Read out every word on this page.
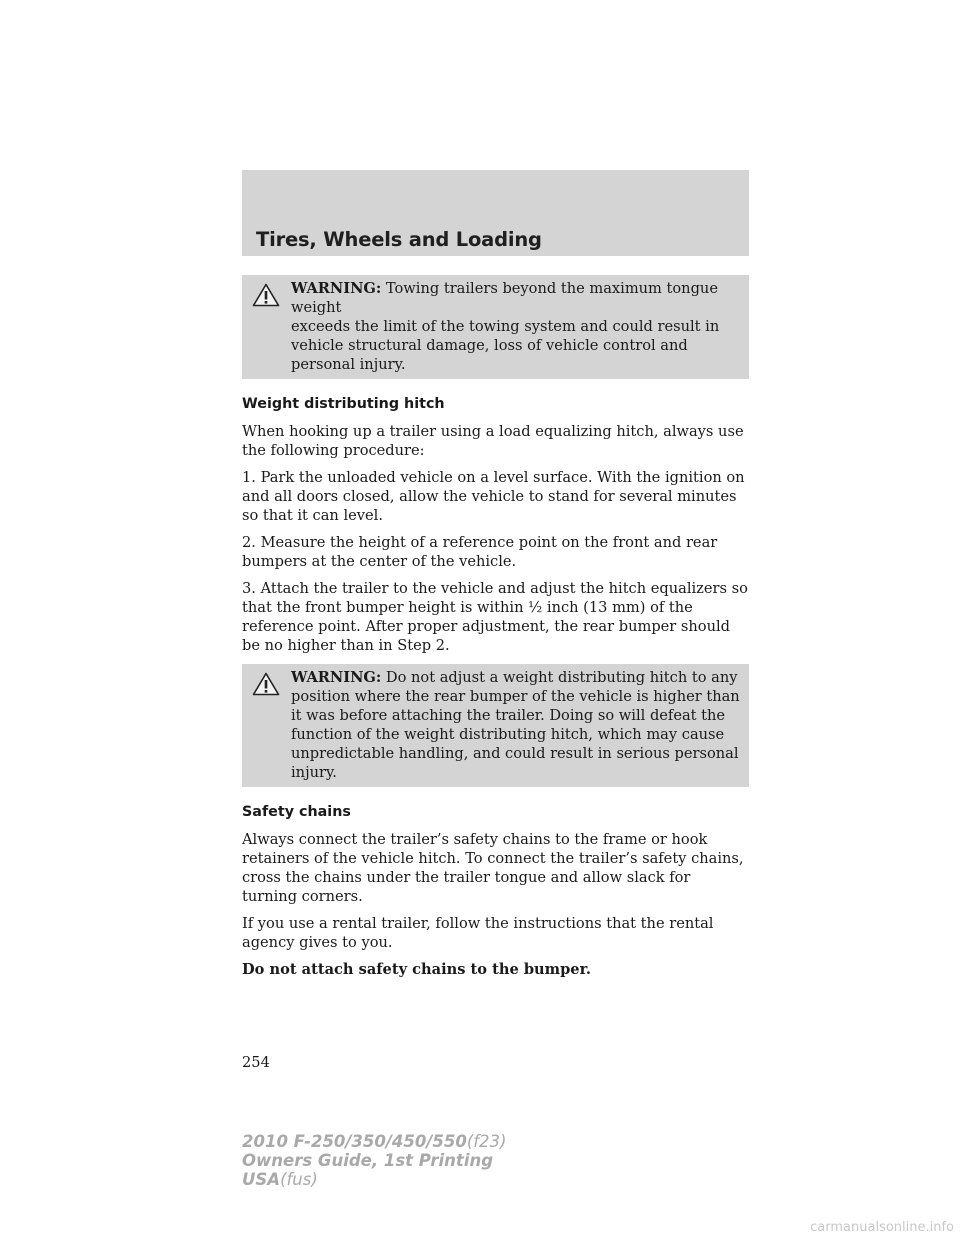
Tires, Wheels and Loading
WARNING: Towing trailers beyond the maximum tongue weight
exceeds the limit of the towing system and could result in vehicle structural damage, loss of vehicle control and personal injury.
Weight distributing hitch

When hooking up a trailer using a load equalizing hitch, always use the following procedure:

1. Park the unloaded vehicle on a level surface. With the ignition on and all doors closed, allow the vehicle to stand for several minutes so that it can level.

2. Measure the height of a reference point on the front and rear bumpers at the center of the vehicle.

3. Attach the trailer to the vehicle and adjust the hitch equalizers so that the front bumper height is within ½ inch (13 mm) of the reference point. After proper adjustment, the rear bumper should be no higher than in Step 2.

WARNING: Do not adjust a weight distributing hitch to any
position where the rear bumper of the vehicle is higher than it was before attaching the trailer. Doing so will defeat the function of the weight distributing hitch, which may cause unpredictable handling, and could result in serious personal injury.
Safety chains

Always connect the trailer’s safety chains to the frame or hook retainers of the vehicle hitch. To connect the trailer’s safety chains, cross the chains under the trailer tongue and allow slack for turning corners.

If you use a rental trailer, follow the instructions that the rental agency gives to you.

Do not attach safety chains to the bumper.

254
2010 F-250/350/450/550(f23)
Owners Guide, 1st Printing
USA(fus)
carmanualsonline.info
